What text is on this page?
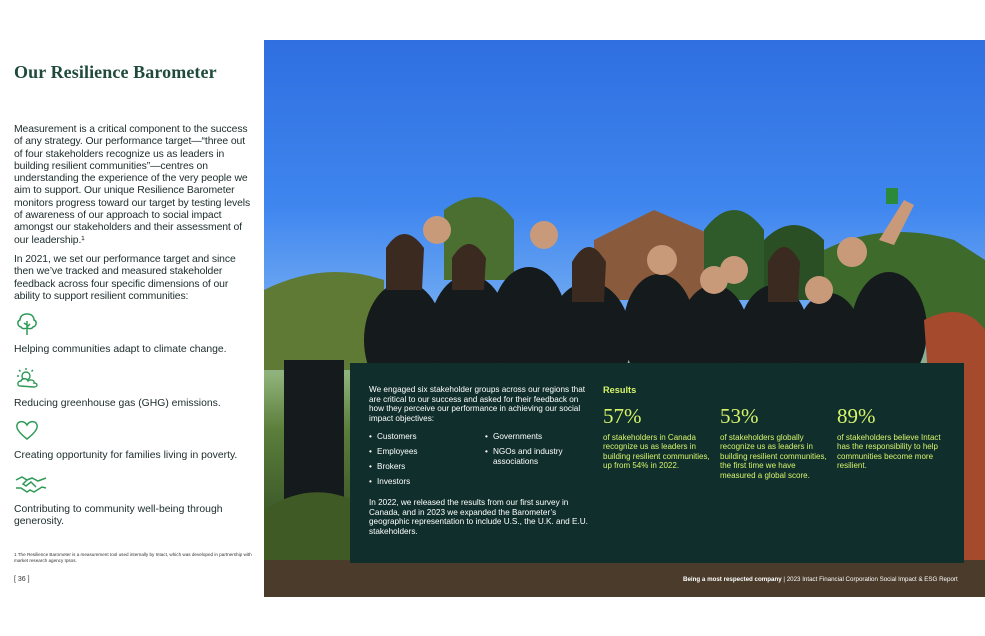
Our Resilience Barometer

Measurement is a critical component to the success of any strategy. Our performance target—“three out of four stakeholders recognize us as leaders in building resilient communities”—centres on understanding the experience of the very people we aim to support. Our unique Resilience Barometer monitors progress toward our target by testing levels of awareness of our approach to social impact amongst our stakeholders and their assessment of our leadership.¹

In 2021, we set our performance target and since then we’ve tracked and measured stakeholder feedback across four specific dimensions of our ability to support resilient communities:

Helping communities adapt to climate change.
Reducing greenhouse gas (GHG) emissions.
Creating opportunity for families living in poverty.
Contributing to community well-being through generosity.
1 The Resilience Barometer is a measurement tool used internally by Intact, which was developed in partnership with market research agency Ipsos.
[ 36 ]

We engaged six stakeholder groups across our regions that are critical to our success and asked for their feedback on how they perceive our performance in achieving our social impact objectives:

• Customers
• Employees
• Brokers
• Investors
• Governments
• NGOs and industry associations

In 2022, we released the results from our first survey in Canada, and in 2023 we expanded the Barometer’s geographic representation to include U.S., the U.K. and E.U. stakeholders.

Results
57%
of stakeholders in Canada recognize us as leaders in building resilient communities, up from 54% in 2022.
53%
of stakeholders globally recognize us as leaders in building resilient communities, the first time we have measured a global score.
89%
of stakeholders believe Intact has the responsibility to help communities become more resilient.
Being a most respected company | 2023 Intact Financial Corporation Social Impact & ESG Report
